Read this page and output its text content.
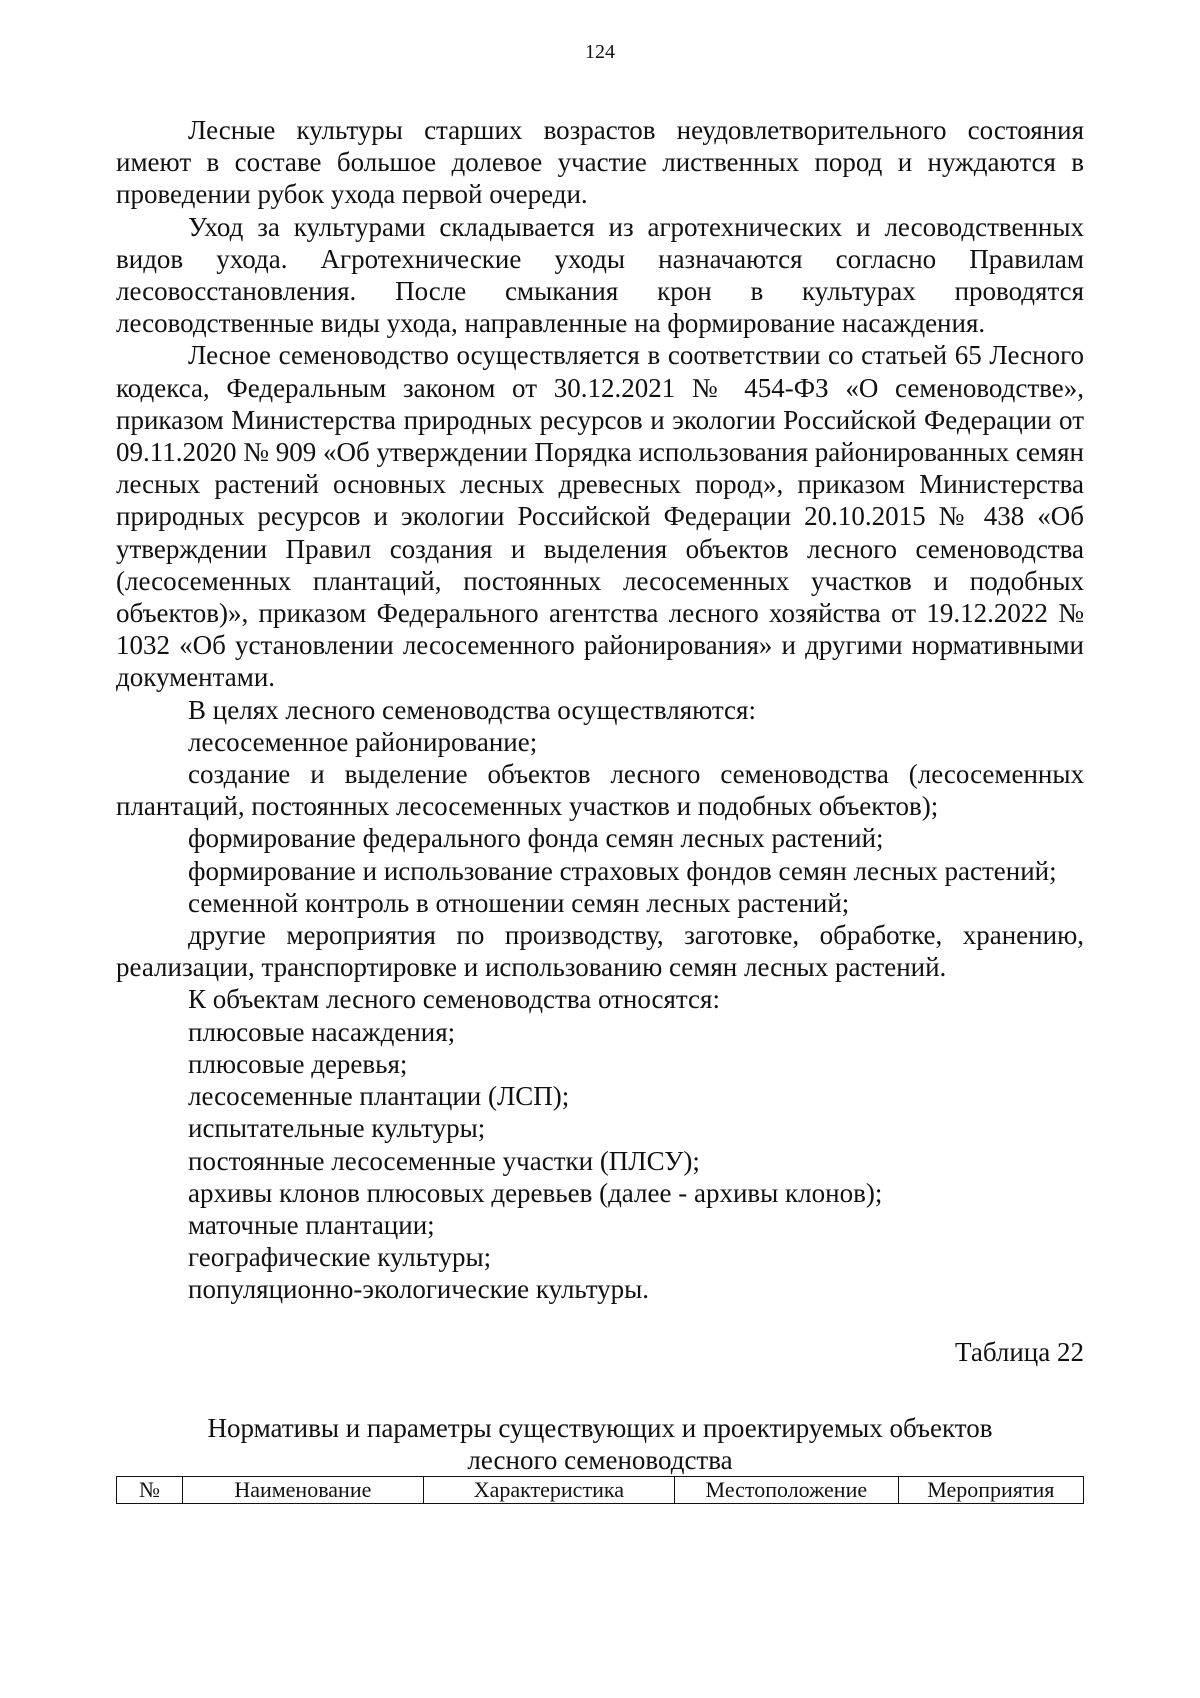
124

Лесные культуры старших возрастов неудовлетворительного состояния имеют в составе большое долевое участие лиственных пород и нуждаются в проведении рубок ухода первой очереди.

Уход за культурами складывается из агротехнических и лесоводственных видов ухода. Агротехнические уходы назначаются согласно Правилам лесовосстановления. После смыкания крон в культурах проводятся лесоводственные виды ухода, направленные на формирование насаждения.

Лесное семеноводство осуществляется в соответствии со статьей 65 Лесного кодекса, Федеральным законом от 30.12.2021 № 454-ФЗ «О семеноводстве», приказом Министерства природных ресурсов и экологии Российской Федерации от 09.11.2020 № 909 «Об утверждении Порядка использования районированных семян лесных растений основных лесных древесных пород», приказом Министерства природных ресурсов и экологии Российской Федерации 20.10.2015 № 438 «Об утверждении Правил создания и выделения объектов лесного семеноводства (лесосеменных плантаций, постоянных лесосеменных участков и подобных объектов)», приказом Федерального агентства лесного хозяйства от 19.12.2022 № 1032 «Об установлении лесосеменного районирования» и другими нормативными документами.

В целях лесного семеноводства осуществляются:

лесосеменное районирование;

создание и выделение объектов лесного семеноводства (лесосеменных плантаций, постоянных лесосеменных участков и подобных объектов);

формирование федерального фонда семян лесных растений;

формирование и использование страховых фондов семян лесных растений;

семенной контроль в отношении семян лесных растений;

другие мероприятия по производству, заготовке, обработке, хранению, реализации, транспортировке и использованию семян лесных растений.

К объектам лесного семеноводства относятся:

плюсовые насаждения;

плюсовые деревья;

лесосеменные плантации (ЛСП);

испытательные культуры;

постоянные лесосеменные участки (ПЛСУ);

архивы клонов плюсовых деревьев (далее - архивы клонов);

маточные плантации;

географические культуры;

популяционно-экологические культуры.

Таблица 22

Нормативы и параметры существующих и проектируемых объектов
лесного семеноводства

№	Наименование	Характеристика	Местоположение	Мероприятия
